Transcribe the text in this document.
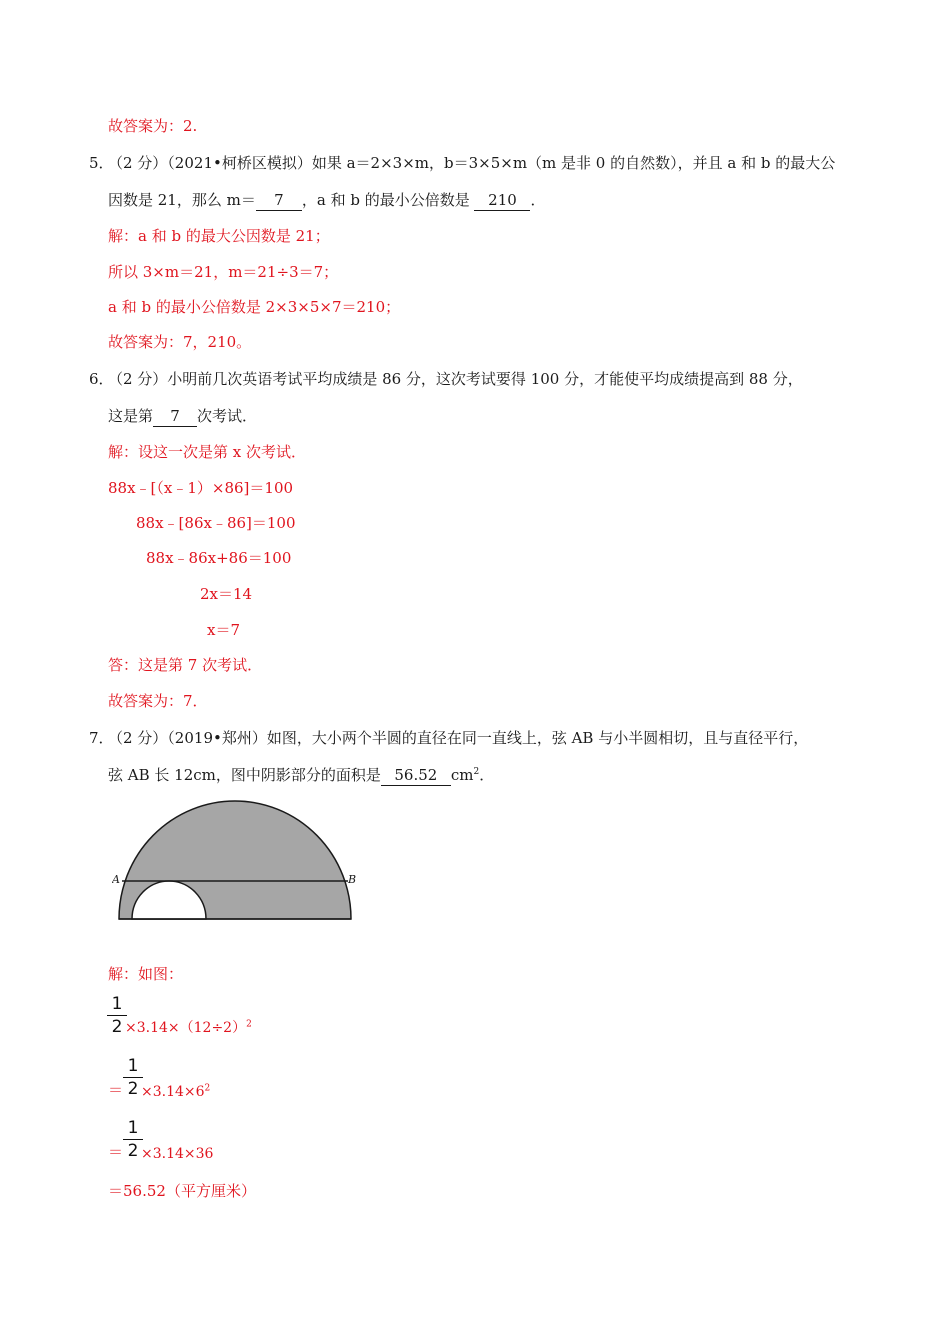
故答案为：2.
5．
（2 分）（2021•柯桥区模拟）如果 a＝2×3×m，b＝3×5×m（m 是非 0 的自然数），并且 a 和 b 的最大公
因数是 21，那么 m＝ 7 ，a 和 b 的最小公倍数是 210 ．
解：a 和 b 的最大公因数是 21；
所以 3×m＝21，m＝21÷3＝7；
a 和 b 的最小公倍数是 2×3×5×7＝210；
故答案为：7，210。
6．
（2 分）小明前几次英语考试平均成绩是 86 分，这次考试要得 100 分，才能使平均成绩提高到 88 分，
这是第 7 次考试．
解：设这一次是第 x 次考试．
88x﹣[（x﹣1）×86]＝100
88x﹣[86x﹣86]＝100
88x﹣86x+86＝100
2x＝14
x＝7
答：这是第 7 次考试．
故答案为：7．
7．
（2 分）（2019•郑州）如图，大小两个半圆的直径在同一直线上，弦 AB 与小半圆相切，且与直径平行，
弦 AB 长 12cm，图中阴影部分的面积是 56.52 $cm^2$．
A	B
解：如图：
$\frac{1}{2}$
$\times 3.14\times(12\div 2)^2$
＝ $\frac{1}{2}$
$\times 3.14\times 6^2$
＝ $\frac{1}{2}$
×3.14×36
＝56.52（平方厘米）
